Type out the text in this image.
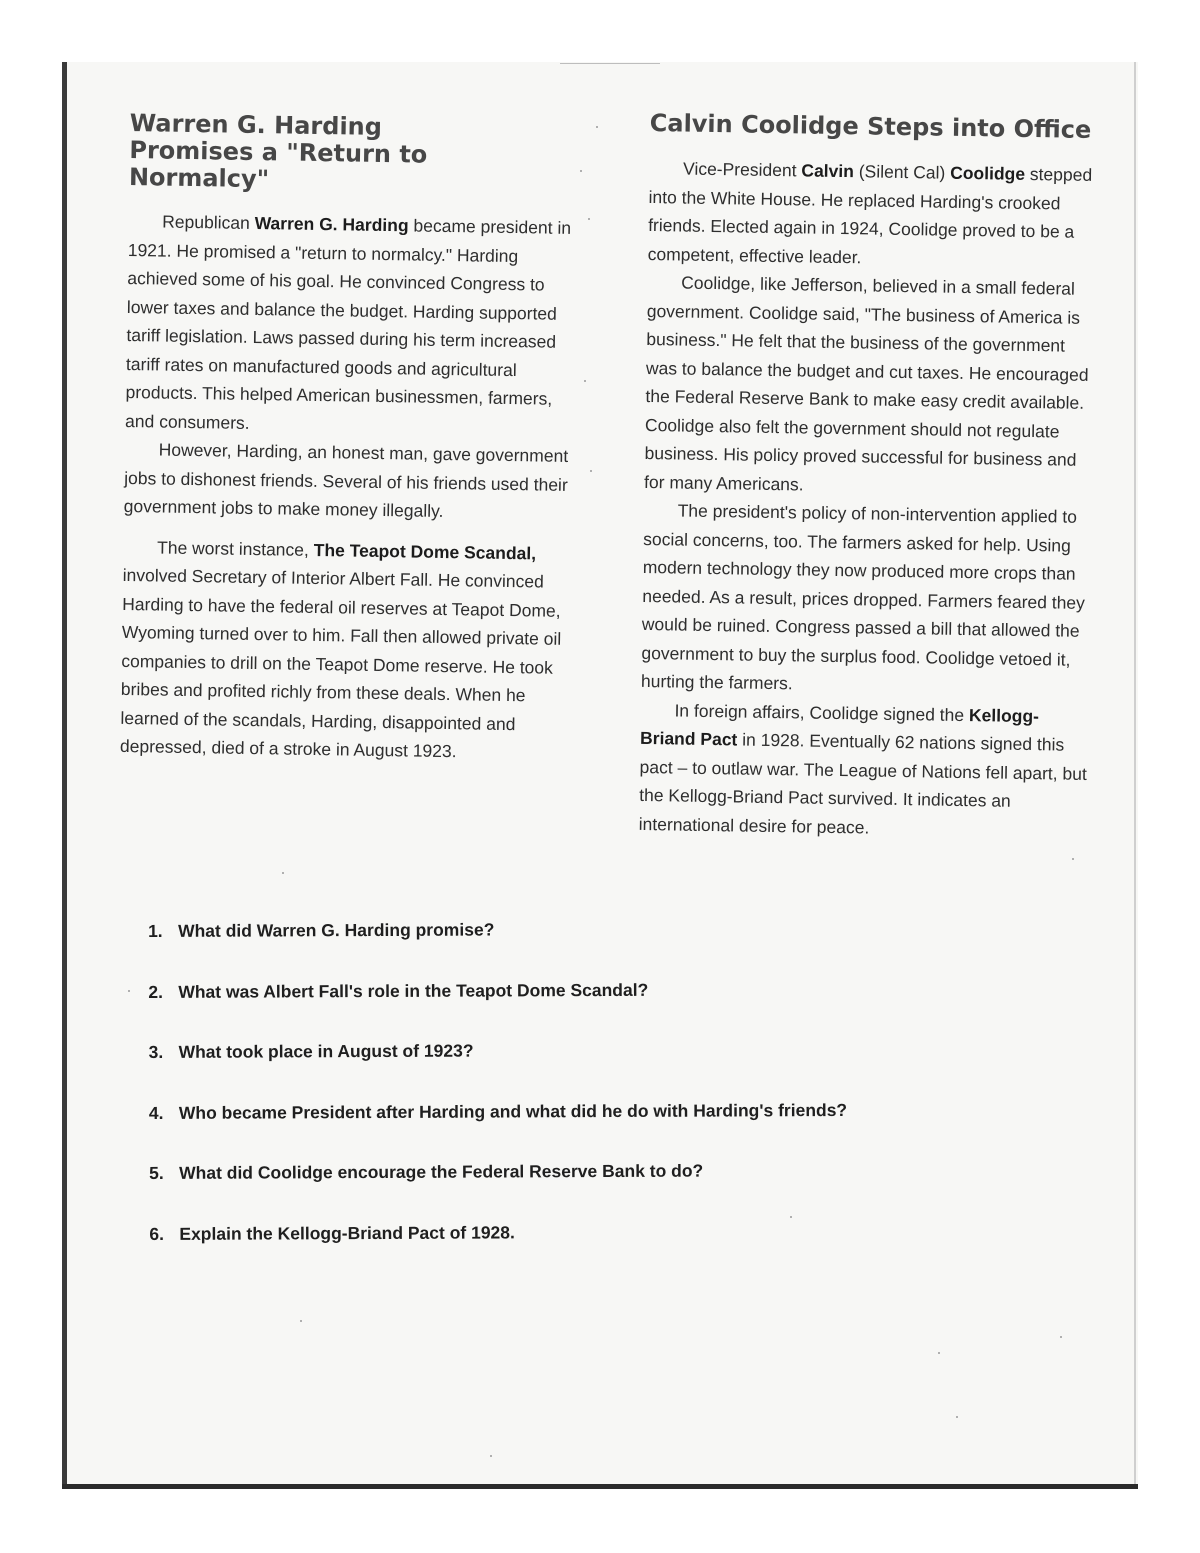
Warren G. Harding Promises a "Return to Normalcy"

Republican Warren G. Harding became president in 1921. He promised a "return to normalcy." Harding achieved some of his goal. He convinced Congress to lower taxes and balance the budget. Harding supported tariff legislation. Laws passed during his term increased tariff rates on manufactured goods and agricultural products. This helped American businessmen, farmers, and consumers.

However, Harding, an honest man, gave government jobs to dishonest friends. Several of his friends used their government jobs to make money illegally.

The worst instance, The Teapot Dome Scandal, involved Secretary of Interior Albert Fall. He convinced Harding to have the federal oil reserves at Teapot Dome, Wyoming turned over to him. Fall then allowed private oil companies to drill on the Teapot Dome reserve. He took bribes and profited richly from these deals. When he learned of the scandals, Harding, disappointed and depressed, died of a stroke in August 1923.

Calvin Coolidge Steps into Office

Vice-President Calvin (Silent Cal) Coolidge stepped into the White House. He replaced Harding's crooked friends. Elected again in 1924, Coolidge proved to be a competent, effective leader.

Coolidge, like Jefferson, believed in a small federal government. Coolidge said, "The business of America is business." He felt that the business of the government was to balance the budget and cut taxes. He encouraged the Federal Reserve Bank to make easy credit available. Coolidge also felt the government should not regulate business. His policy proved successful for business and for many Americans.

The president's policy of non-intervention applied to social concerns, too. The farmers asked for help. Using modern technology they now produced more crops than needed. As a result, prices dropped. Farmers feared they would be ruined. Congress passed a bill that allowed the government to buy the surplus food. Coolidge vetoed it, hurting the farmers.

In foreign affairs, Coolidge signed the Kellogg-Briand Pact in 1928. Eventually 62 nations signed this pact – to outlaw war. The League of Nations fell apart, but the Kellogg-Briand Pact survived. It indicates an international desire for peace.

1. What did Warren G. Harding promise?
2. What was Albert Fall's role in the Teapot Dome Scandal?
3. What took place in August of 1923?
4. Who became President after Harding and what did he do with Harding's friends?
5. What did Coolidge encourage the Federal Reserve Bank to do?
6. Explain the Kellogg-Briand Pact of 1928.
